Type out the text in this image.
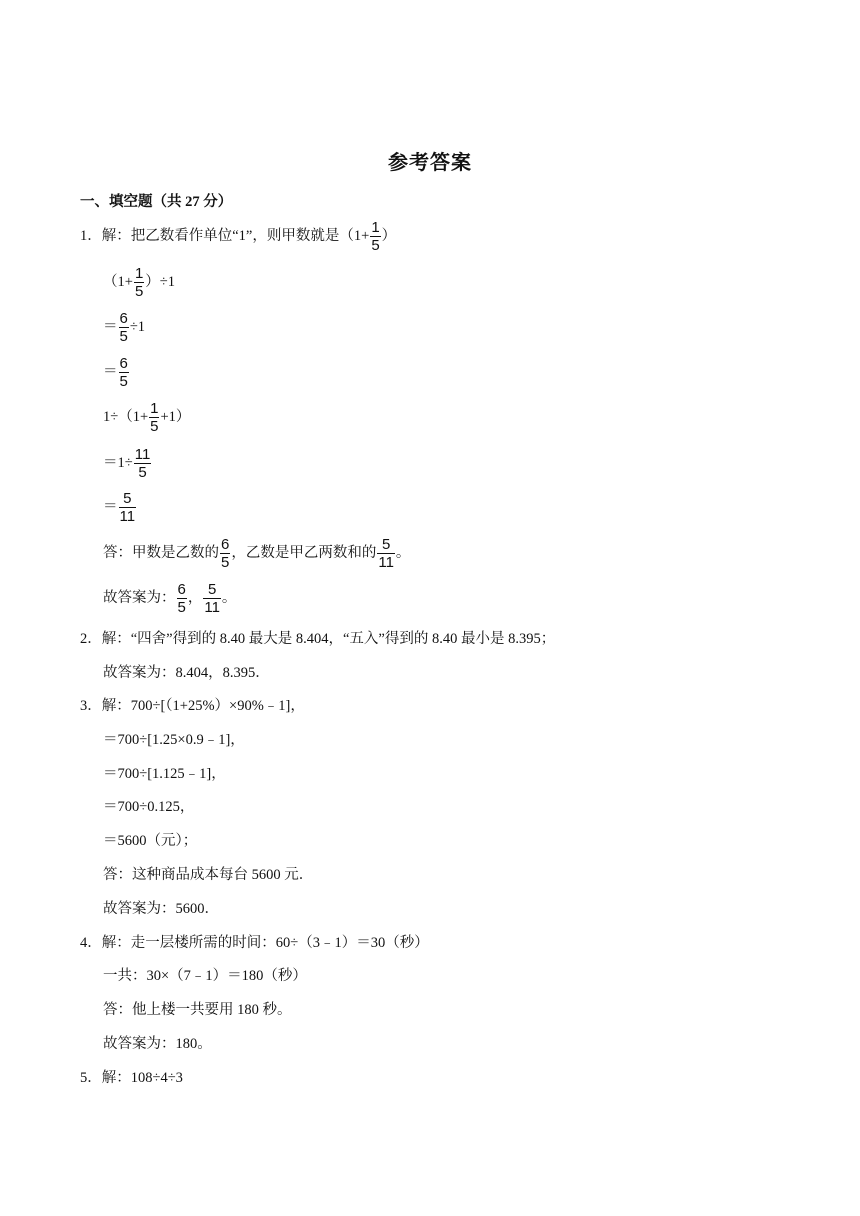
参考答案
一、填空题（共 27 分）
1．解：把乙数看作单位“1”，则甲数就是（$1+ \frac{1}{5}$ ）
$(1+ \frac{1}{5} )\div 1$
＝ $\frac{6}{5} \div 1$
＝ $\frac{6}{5}$
$1\div(1+ \frac{1}{5} +1)$
$=1\div \frac{11}{5}$
＝ $\frac{5}{11}$
答：甲数是乙数的 $\frac{6}{5}$ ，乙数是甲乙两数和的 $\frac{5}{11}$ 。
故答案为： $\frac{6}{5}$ ， $\frac{5}{11}$ 。
2．解：“四舍”得到的 8.40 最大是 8.404，“五入”得到的 8.40 最小是 8.395；
故答案为：8.404，8.395．
3．解：700÷[（1+25%）×90%﹣1]，
＝700÷[1.25×0.9﹣1]，
＝700÷[1.125﹣1]，
＝700÷0.125，
＝5600（元）；
答：这种商品成本每台 5600 元．
故答案为：5600．
4．解：走一层楼所需的时间：60÷（3﹣1）＝30（秒）
一共：30×（7﹣1）＝180（秒）
答：他上楼一共要用 180 秒。
故答案为：180。
5．解：108÷4÷3
